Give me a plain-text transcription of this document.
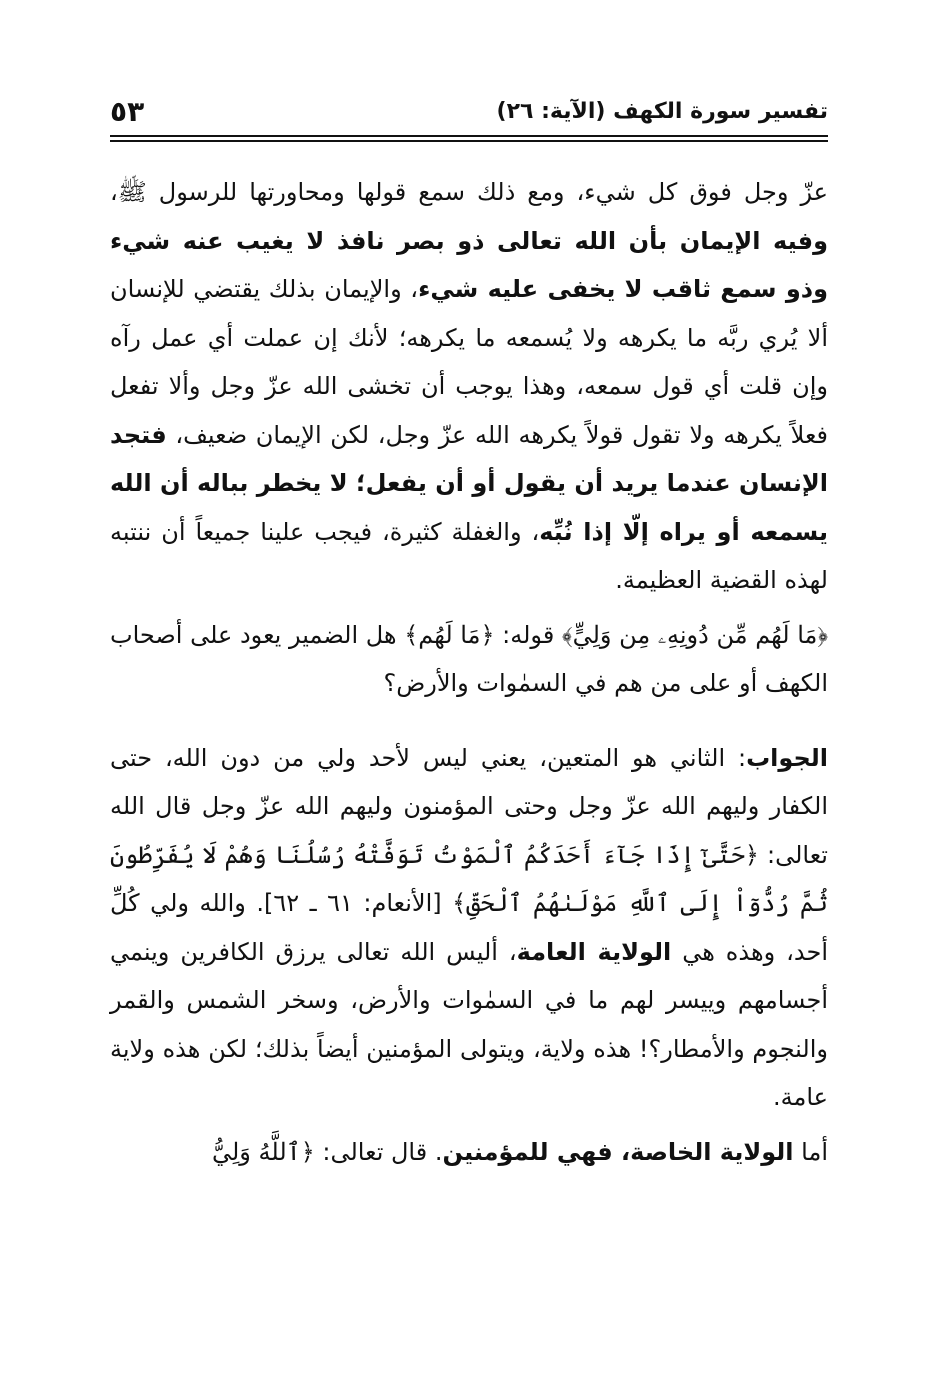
تفسير سورة الكهف (الآية: ٢٦)
٥٣

عزّ وجل فوق كل شيء، ومع ذلك سمع قولها ومحاورتها للرسول ﷺ، وفيه الإيمان بأن الله تعالى ذو بصر نافذ لا يغيب عنه شيء وذو سمع ثاقب لا يخفى عليه شيء، والإيمان بذلك يقتضي للإنسان ألا يُري ربَّه ما يكرهه ولا يُسمعه ما يكرهه؛ لأنك إن عملت أي عمل رآه وإن قلت أي قول سمعه، وهذا يوجب أن تخشى الله عزّ وجل وألا تفعل فعلاً يكرهه ولا تقول قولاً يكرهه الله عزّ وجل، لكن الإيمان ضعيف، فتجد الإنسان عندما يريد أن يقول أو أن يفعل؛ لا يخطر بباله أن الله يسمعه أو يراه إلّا إذا نُبِّه، والغفلة كثيرة، فيجب علينا جميعاً أن ننتبه لهذه القضية العظيمة.

﴿مَا لَهُم مِّن دُونِهِۦ مِن وَلِيٍّ﴾ قوله: ﴿مَا لَهُم﴾ هل الضمير يعود على أصحاب الكهف أو على من هم في السمٰوات والأرض؟

الجواب: الثاني هو المتعين، يعني ليس لأحد ولي من دون الله، حتى الكفار وليهم الله عزّ وجل وحتى المؤمنون وليهم الله عزّ وجل قال الله تعالى: ﴿حَتَّىٰٓ إِذَا جَآءَ أَحَدَكُمُ ٱلْمَوْتُ تَوَفَّتْهُ رُسُلُنَا وَهُمْ لَا يُفَرِّطُونَ ثُمَّ رُدُّوٓاْ إِلَى ٱللَّهِ مَوْلَىٰهُمُ ٱلْحَقِّ﴾ [الأنعام: ٦١ ـ ٦٢]. والله ولي كُلِّ أحد، وهذه هي الولاية العامة، أليس الله تعالى يرزق الكافرين وينمي أجسامهم وييسر لهم ما في السمٰوات والأرض، وسخر الشمس والقمر والنجوم والأمطار؟! هذه ولاية، ويتولى المؤمنين أيضاً بذلك؛ لكن هذه ولاية عامة.

أما الولاية الخاصة، فهي للمؤمنين. قال تعالى: ﴿ٱللَّهُ وَلِيُّ
